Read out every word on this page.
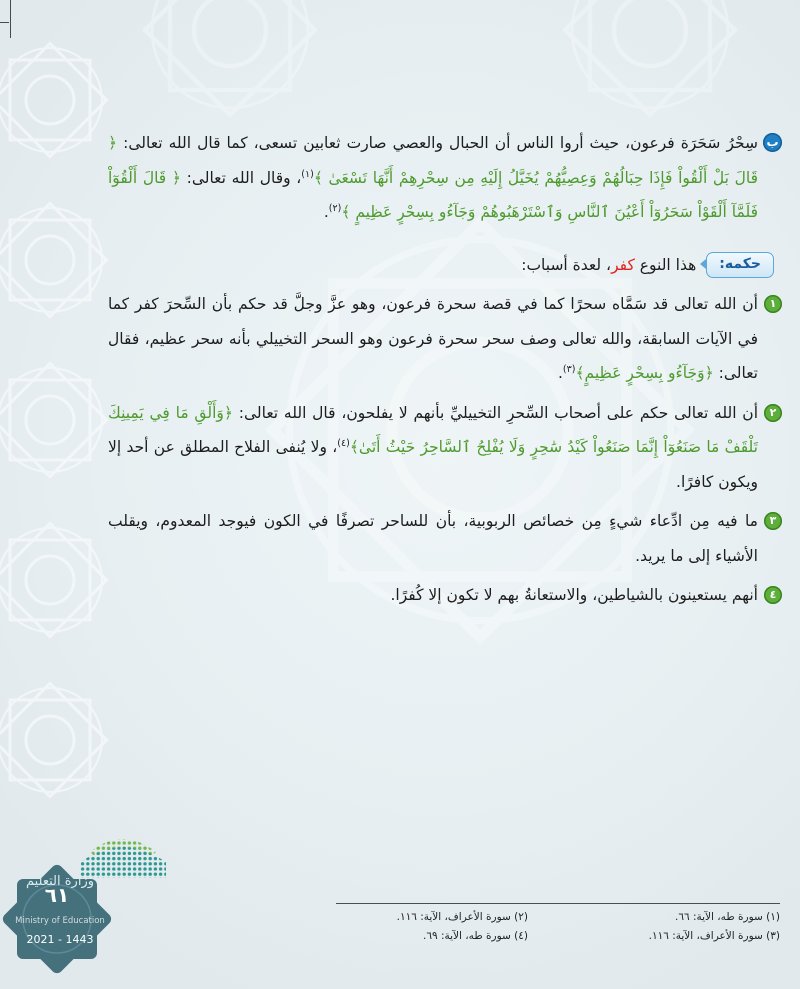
ب

سِحْرُ سَحَرَة فرعون، حيث أروا الناس أن الحبال والعصي صارت ثعابين تسعى، كما قال الله تعالى: ﴿ قَالَ بَلْ أَلْقُواْ فَإِذَا حِبَالُهُمْ وَعِصِيُّهُمْ يُخَيَّلُ إِلَيْهِ مِن سِحْرِهِمْ أَنَّهَا تَسْعَىٰ ﴾$^{(١)}$، وقال الله تعالى: ﴿ قَالَ أَلْقُوٓاْ فَلَمَّآ أَلْقَوْاْ سَحَرُوٓاْ أَعْيُنَ ٱلنَّاسِ وَٱسْتَرْهَبُوهُمْ وَجَآءُو بِسِحْرٍ عَظِيمٍ ﴾$^{(٢)}$.

حكمه:
هذا النوع كفر، لعدة أسباب:
١

أن الله تعالى قد سَمَّاه سحرًا كما في قصة سحرة فرعون، وهو عزَّ وجلَّ قد حكم بأن السِّحرَ كفر كما في الآيات السابقة، والله تعالى وصف سحر سحرة فرعون وهو السحر التخييلي بأنه سحر عظيم، فقال تعالى: ﴿وَجَآءُو بِسِحْرٍ عَظِيمٍ﴾$^{(٣)}$.

٢

أن الله تعالى حكم على أصحاب السِّحرِ التخييليِّ بأنهم لا يفلحون، قال الله تعالى: ﴿وَأَلْقِ مَا فِي يَمِينِكَ تَلْقَفْ مَا صَنَعُوٓاْ إِنَّمَا صَنَعُواْ كَيْدُ سَٰحِرٍ وَلَا يُفْلِحُ ٱلسَّاحِرُ حَيْثُ أَتَىٰ﴾$^{(٤)}$، ولا يُنفى الفلاح المطلق عن أحد إلا ويكون كافرًا.

٣

ما فيه مِن ادِّعاء شيءٍ مِن خصائص الربوبية، بأن للساحر تصرفًا في الكون فيوجد المعدوم، ويقلب الأشياء إلى ما يريد.

٤

أنهم يستعينون بالشياطين، والاستعانةُ بهم لا تكون إلا كُفرًا.

(١) سورة طه، الآية: ٦٦.
(٢) سورة الأعراف، الآية: ١١٦.
(٣) سورة الأعراف، الآية: ١١٦.
(٤) سورة طه، الآية: ٦٩.
٦١
وزارة التعليم
Ministry of Education
2021 - 1443
